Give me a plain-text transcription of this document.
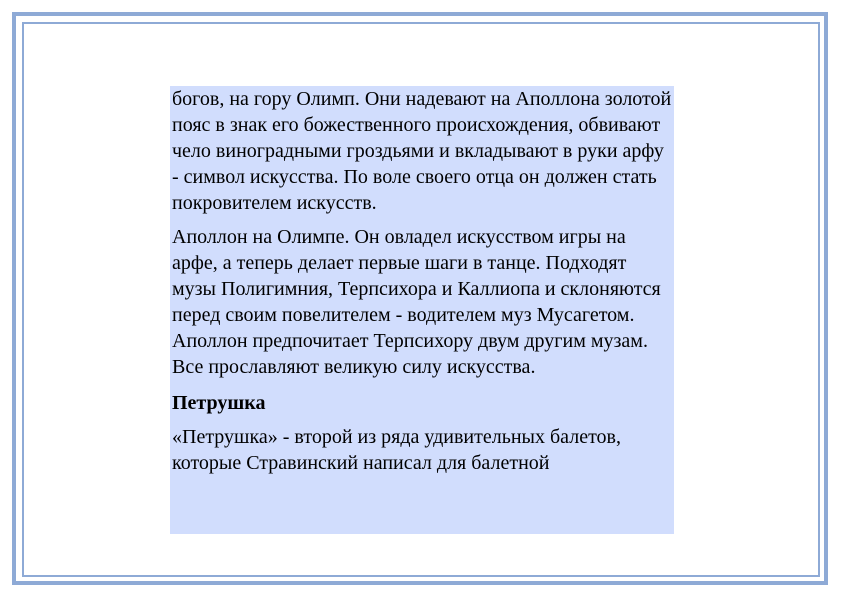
богов, на гору Олимп. Они надевают на Аполлона золотой пояс в знак его божественного происхождения, обвивают чело виноградными гроздьями и вкладывают в руки арфу - символ искусства. По воле своего отца он должен стать покровителем искусств.

Аполлон на Олимпе. Он овладел искусством игры на арфе, а теперь делает первые шаги в танце. Подходят музы Полигимния, Терпсихора и Каллиопа и склоняются перед своим повелителем - водителем муз Мусагетом. Аполлон предпочитает Терпсихору двум другим музам. Все прославляют великую силу искусства.

Петрушка

«Петрушка» - второй из ряда удивительных балетов, которые Стравинский написал для балетной
